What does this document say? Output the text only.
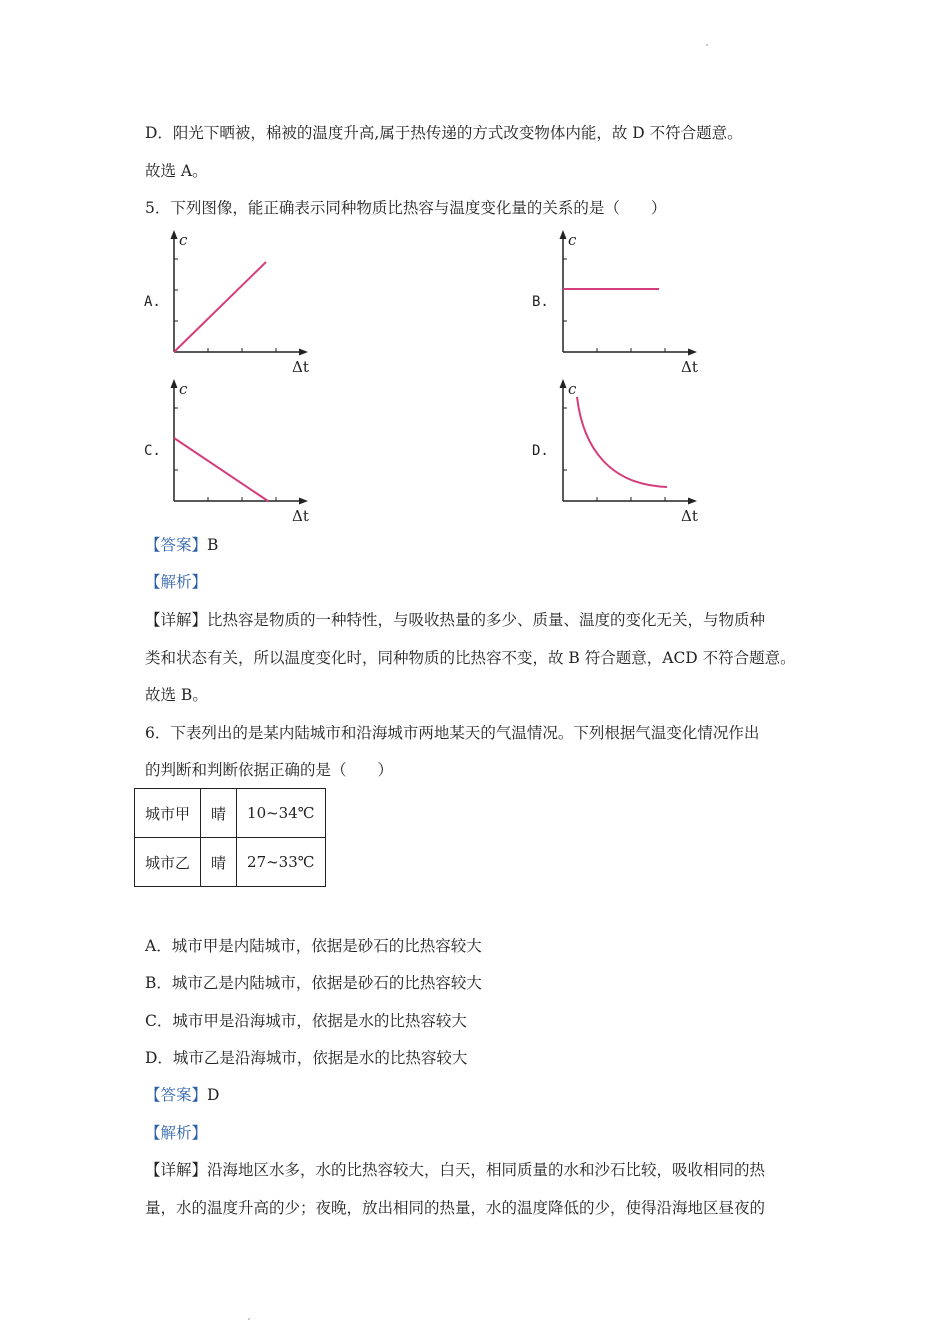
D．阳光下晒被，棉被的温度升高,属于热传递的方式改变物体内能，故 D 不符合题意。
故选 A。
5．下列图像，能正确表示同种物质比热容与温度变化量的关系的是（　　）
A.
c
Δt
B.
c
Δt
C.
c
Δt
D.
c
Δt
【答案】B
【解析】
【详解】比热容是物质的一种特性，与吸收热量的多少、质量、温度的变化无关，与物质种
类和状态有关，所以温度变化时，同种物质的比热容不变，故 B 符合题意，ACD 不符合题意。
故选 B。
6．下表列出的是某内陆城市和沿海城市两地某天的气温情况。下列根据气温变化情况作出
的判断和判断依据正确的是（　　）
城市甲	晴	10~34℃
城市乙	晴	27~33℃
A．城市甲是内陆城市，依据是砂石的比热容较大
B．城市乙是内陆城市，依据是砂石的比热容较大
C．城市甲是沿海城市，依据是水的比热容较大
D．城市乙是沿海城市，依据是水的比热容较大
【答案】D
【解析】
【详解】沿海地区水多，水的比热容较大，白天，相同质量的水和沙石比较，吸收相同的热
量，水的温度升高的少；夜晚，放出相同的热量，水的温度降低的少，使得沿海地区昼夜的
